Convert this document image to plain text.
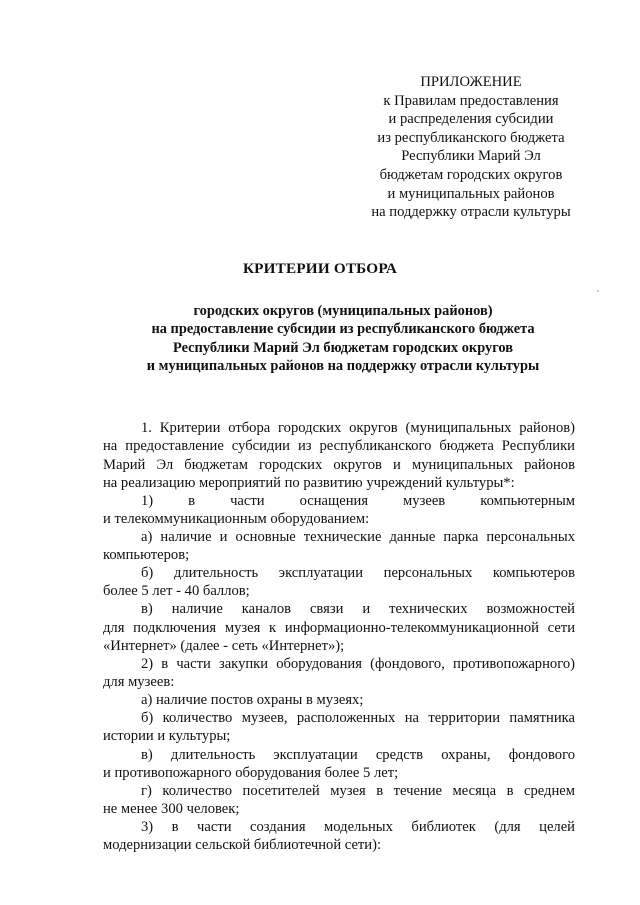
ПРИЛОЖЕНИЕ
к Правилам предоставления
и распределения субсидии
из республиканского бюджета
Республики Марий Эл
бюджетам городских округов
и муниципальных районов
на поддержку отрасли культуры
КРИТЕРИИ ОТБОРА
городских округов (муниципальных районов)
на предоставление субсидии из республиканского бюджета
Республики Марий Эл бюджетам городских округов
и муниципальных районов на поддержку отрасли культуры
1. Критерии отбора городских округов (муниципальных районов)
на предоставление субсидии из республиканского бюджета Республики
Марий Эл бюджетам городских округов и муниципальных районов
на реализацию мероприятий по развитию учреждений культуры*:
1) в части оснащения музеев компьютерным
и телекоммуникационным оборудованием:
а) наличие и основные технические данные парка персональных
компьютеров;
б) длительность эксплуатации персональных компьютеров
более 5 лет - 40 баллов;
в) наличие каналов связи и технических возможностей
для подключения музея к информационно-телекоммуникационной сети
«Интернет» (далее - сеть «Интернет»);
2) в части закупки оборудования (фондового, противопожарного)
для музеев:
а) наличие постов охраны в музеях;
б) количество музеев, расположенных на территории памятника
истории и культуры;
в) длительность эксплуатации средств охраны, фондового
и противопожарного оборудования более 5 лет;
г) количество посетителей музея в течение месяца в среднем
не менее 300 человек;
3) в части создания модельных библиотек (для целей
модернизации сельской библиотечной сети):
